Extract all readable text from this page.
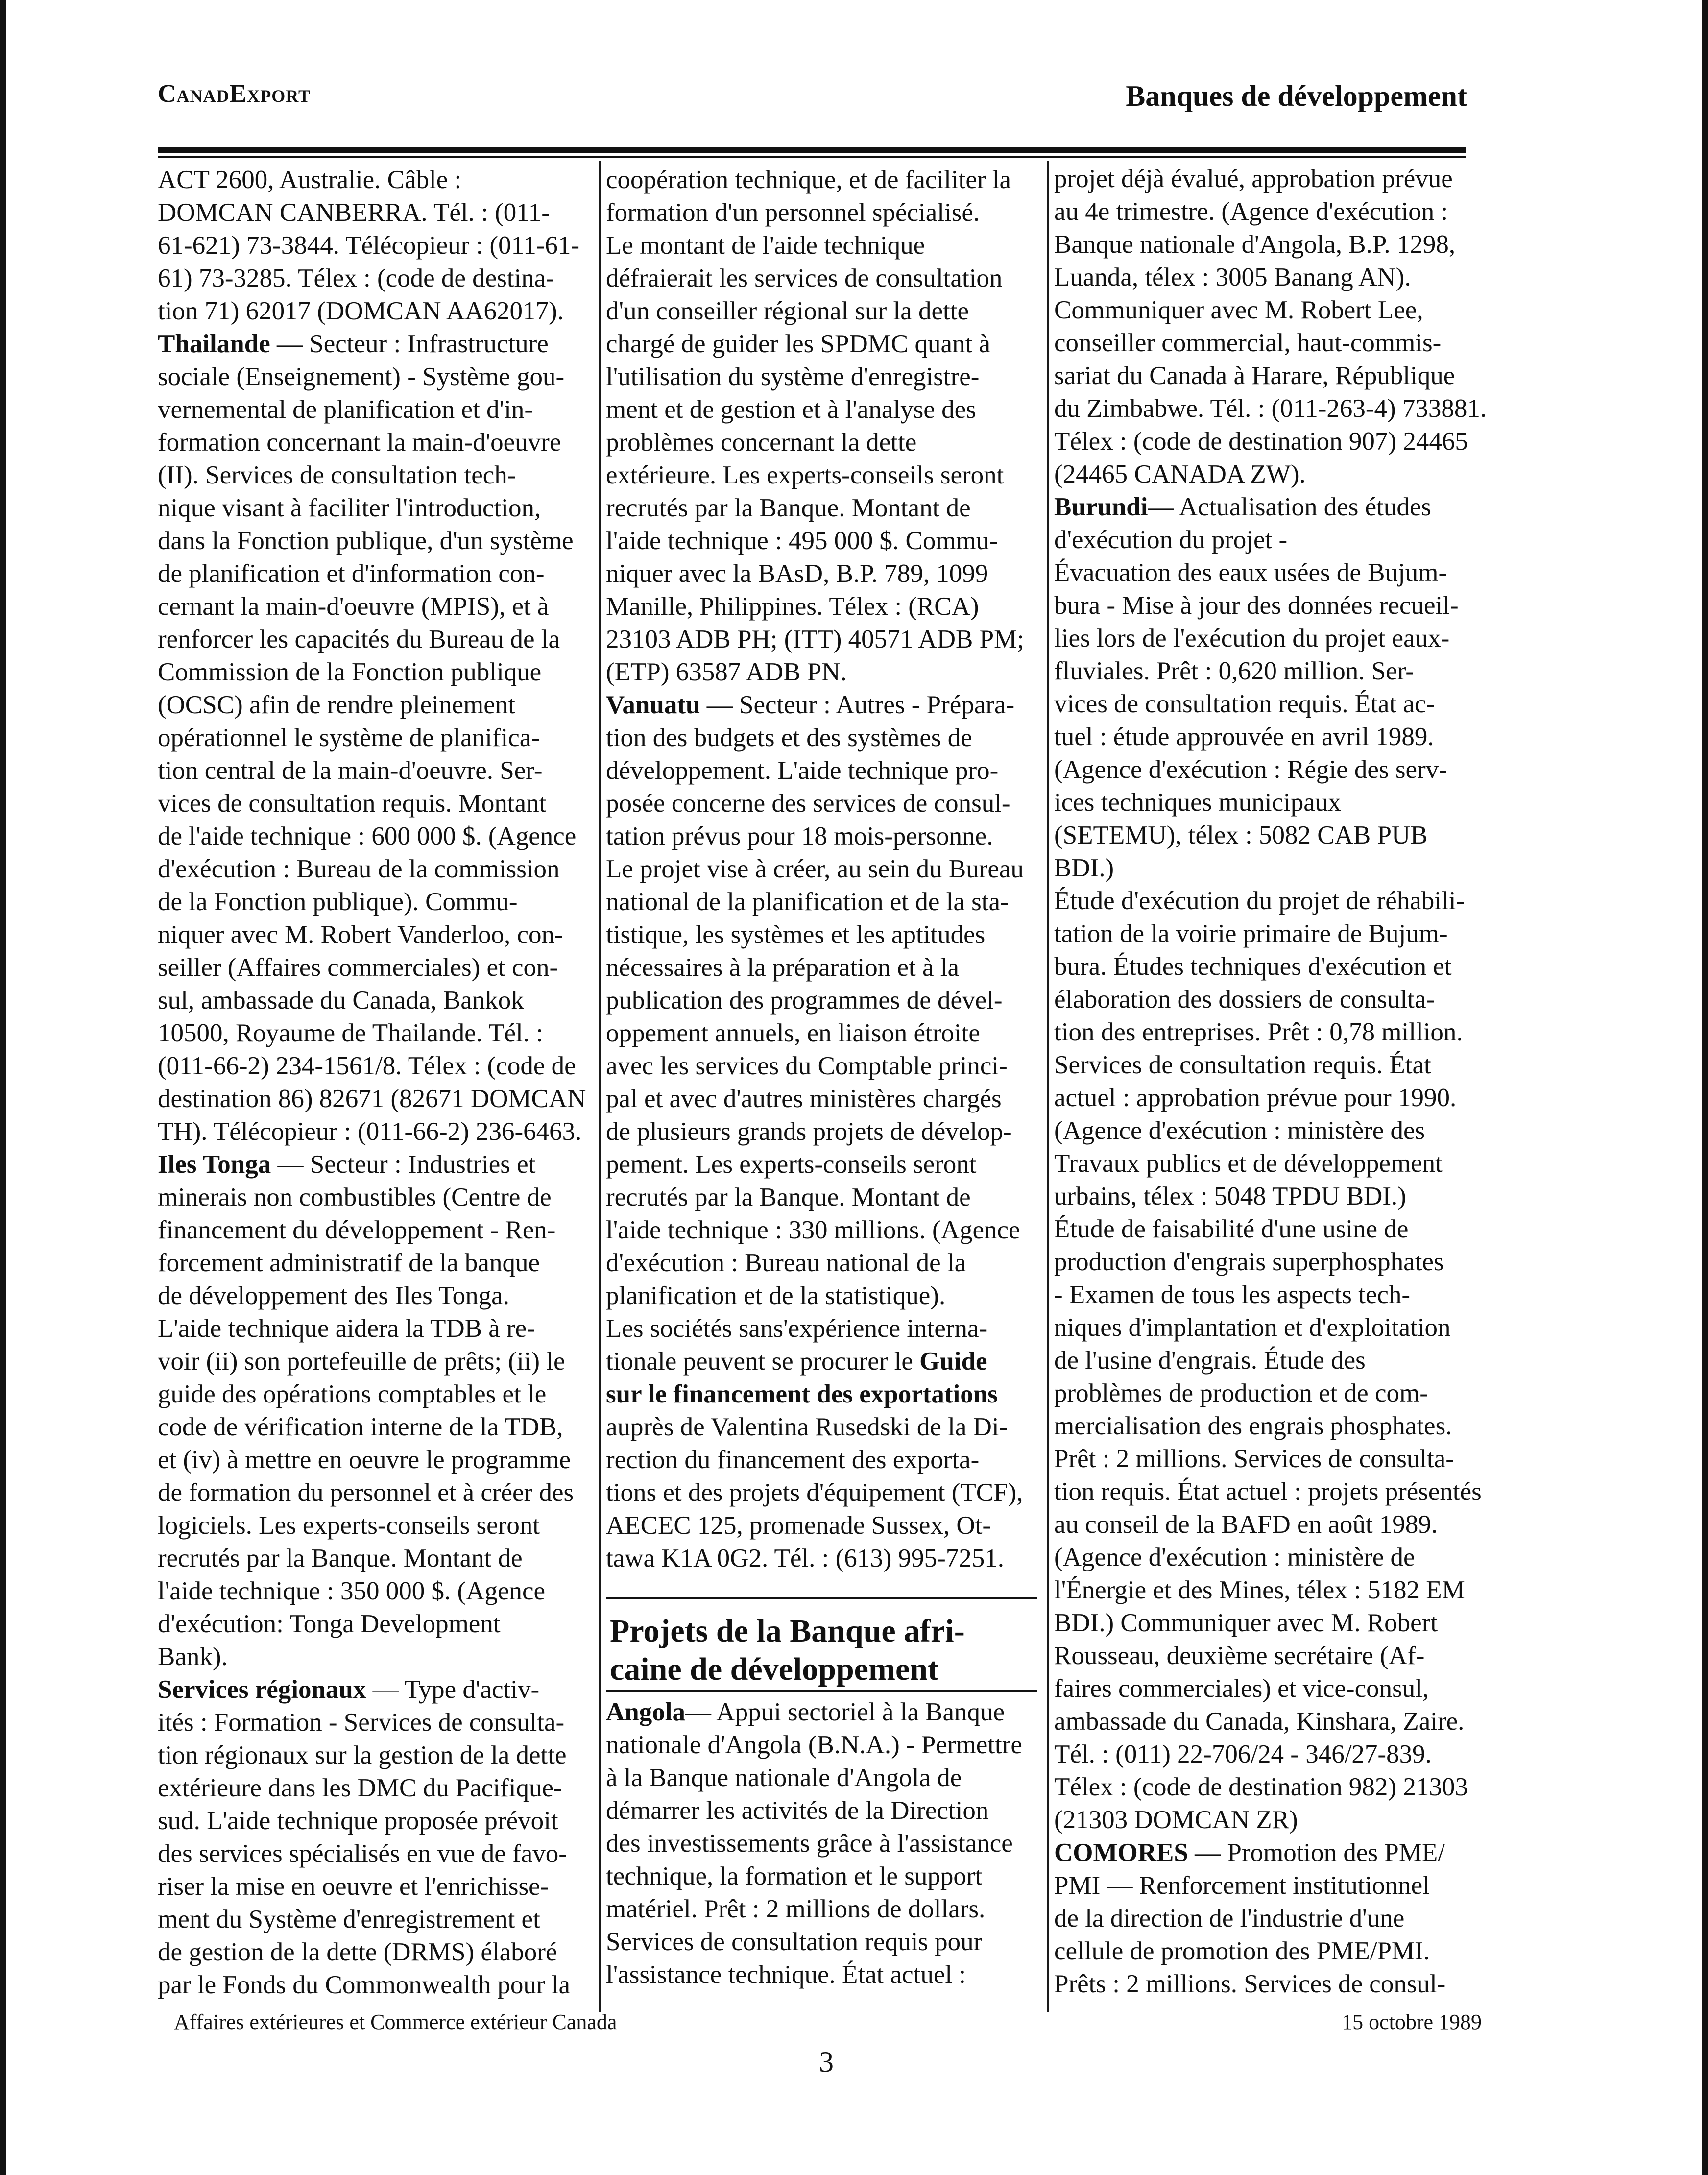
CanadExport	Banques de développement
ACT 2600, Australie. Câble :
DOMCAN CANBERRA. Tél. : (011-
61-621) 73-3844. Télécopieur : (011-61-
61) 73-3285. Télex : (code de destina-
tion 71) 62017 (DOMCAN AA62017).
Thailande — Secteur : Infrastructure
sociale (Enseignement) - Système gou-
vernemental de planification et d'in-
formation concernant la main-d'oeuvre
(II). Services de consultation tech-
nique visant à faciliter l'introduction,
dans la Fonction publique, d'un système
de planification et d'information con-
cernant la main-d'oeuvre (MPIS), et à
renforcer les capacités du Bureau de la
Commission de la Fonction publique
(OCSC) afin de rendre pleinement
opérationnel le système de planifica-
tion central de la main-d'oeuvre. Ser-
vices de consultation requis. Montant
de l'aide technique : 600 000 $. (Agence
d'exécution : Bureau de la commission
de la Fonction publique). Commu-
niquer avec M. Robert Vanderloo, con-
seiller (Affaires commerciales) et con-
sul, ambassade du Canada, Bankok
10500, Royaume de Thailande. Tél. :
(011-66-2) 234-1561/8. Télex : (code de
destination 86) 82671 (82671 DOMCAN
TH). Télécopieur : (011-66-2) 236-6463.
Iles Tonga — Secteur : Industries et
minerais non combustibles (Centre de
financement du développement - Ren-
forcement administratif de la banque
de développement des Iles Tonga.
L'aide technique aidera la TDB à re-
voir (ii) son portefeuille de prêts; (ii) le
guide des opérations comptables et le
code de vérification interne de la TDB,
et (iv) à mettre en oeuvre le programme
de formation du personnel et à créer des
logiciels. Les experts-conseils seront
recrutés par la Banque. Montant de
l'aide technique : 350 000 $. (Agence
d'exécution: Tonga Development
Bank).
Services régionaux — Type d'activ-
ités : Formation - Services de consulta-
tion régionaux sur la gestion de la dette
extérieure dans les DMC du Pacifique-
sud. L'aide technique proposée prévoit
des services spécialisés en vue de favo-
riser la mise en oeuvre et l'enrichisse-
ment du Système d'enregistrement et
de gestion de la dette (DRMS) élaboré
par le Fonds du Commonwealth pour la
coopération technique, et de faciliter la
formation d'un personnel spécialisé.
Le montant de l'aide technique
défraierait les services de consultation
d'un conseiller régional sur la dette
chargé de guider les SPDMC quant à
l'utilisation du système d'enregistre-
ment et de gestion et à l'analyse des
problèmes concernant la dette
extérieure. Les experts-conseils seront
recrutés par la Banque. Montant de
l'aide technique : 495 000 $. Commu-
niquer avec la BAsD, B.P. 789, 1099
Manille, Philippines. Télex : (RCA)
23103 ADB PH; (ITT) 40571 ADB PM;
(ETP) 63587 ADB PN.
Vanuatu — Secteur : Autres - Prépara-
tion des budgets et des systèmes de
développement. L'aide technique pro-
posée concerne des services de consul-
tation prévus pour 18 mois-personne.
Le projet vise à créer, au sein du Bureau
national de la planification et de la sta-
tistique, les systèmes et les aptitudes
nécessaires à la préparation et à la
publication des programmes de dével-
oppement annuels, en liaison étroite
avec les services du Comptable princi-
pal et avec d'autres ministères chargés
de plusieurs grands projets de dévelop-
pement. Les experts-conseils seront
recrutés par la Banque. Montant de
l'aide technique : 330 millions. (Agence
d'exécution : Bureau national de la
planification et de la statistique).
Les sociétés sans'expérience interna-
tionale peuvent se procurer le Guide
sur le financement des exportations
auprès de Valentina Rusedski de la Di-
rection du financement des exporta-
tions et des projets d'équipement (TCF),
AECEC 125, promenade Sussex, Ot-
tawa K1A 0G2. Tél. : (613) 995-7251.
Projets de la Banque afri-
caine de développement
Angola— Appui sectoriel à la Banque
nationale d'Angola (B.N.A.) - Permettre
à la Banque nationale d'Angola de
démarrer les activités de la Direction
des investissements grâce à l'assistance
technique, la formation et le support
matériel. Prêt : 2 millions de dollars.
Services de consultation requis pour
l'assistance technique. État actuel :
projet déjà évalué, approbation prévue
au 4e trimestre. (Agence d'exécution :
Banque nationale d'Angola, B.P. 1298,
Luanda, télex : 3005 Banang AN).
Communiquer avec M. Robert Lee,
conseiller commercial, haut-commis-
sariat du Canada à Harare, République
du Zimbabwe. Tél. : (011-263-4) 733881.
Télex : (code de destination 907) 24465
(24465 CANADA ZW).
Burundi— Actualisation des études
d'exécution du projet -
Évacuation des eaux usées de Bujum-
bura - Mise à jour des données recueil-
lies lors de l'exécution du projet eaux-
fluviales. Prêt : 0,620 million. Ser-
vices de consultation requis. État ac-
tuel : étude approuvée en avril 1989.
(Agence d'exécution : Régie des serv-
ices techniques municipaux
(SETEMU), télex : 5082 CAB PUB
BDI.)
Étude d'exécution du projet de réhabili-
tation de la voirie primaire de Bujum-
bura. Études techniques d'exécution et
élaboration des dossiers de consulta-
tion des entreprises. Prêt : 0,78 million.
Services de consultation requis. État
actuel : approbation prévue pour 1990.
(Agence d'exécution : ministère des
Travaux publics et de développement
urbains, télex : 5048 TPDU BDI.)
Étude de faisabilité d'une usine de
production d'engrais superphosphates
- Examen de tous les aspects tech-
niques d'implantation et d'exploitation
de l'usine d'engrais. Étude des
problèmes de production et de com-
mercialisation des engrais phosphates.
Prêt : 2 millions. Services de consulta-
tion requis. État actuel : projets présentés
au conseil de la BAFD en août 1989.
(Agence d'exécution : ministère de
l'Énergie et des Mines, télex : 5182 EM
BDI.) Communiquer avec M. Robert
Rousseau, deuxième secrétaire (Af-
faires commerciales) et vice-consul,
ambassade du Canada, Kinshara, Zaire.
Tél. : (011) 22-706/24 - 346/27-839.
Télex : (code de destination 982) 21303
(21303 DOMCAN ZR)
COMORES — Promotion des PME/
PMI — Renforcement institutionnel
de la direction de l'industrie d'une
cellule de promotion des PME/PMI.
Prêts : 2 millions. Services de consul-
Affaires extérieures et Commerce extérieur Canada	15 octobre 1989
3
